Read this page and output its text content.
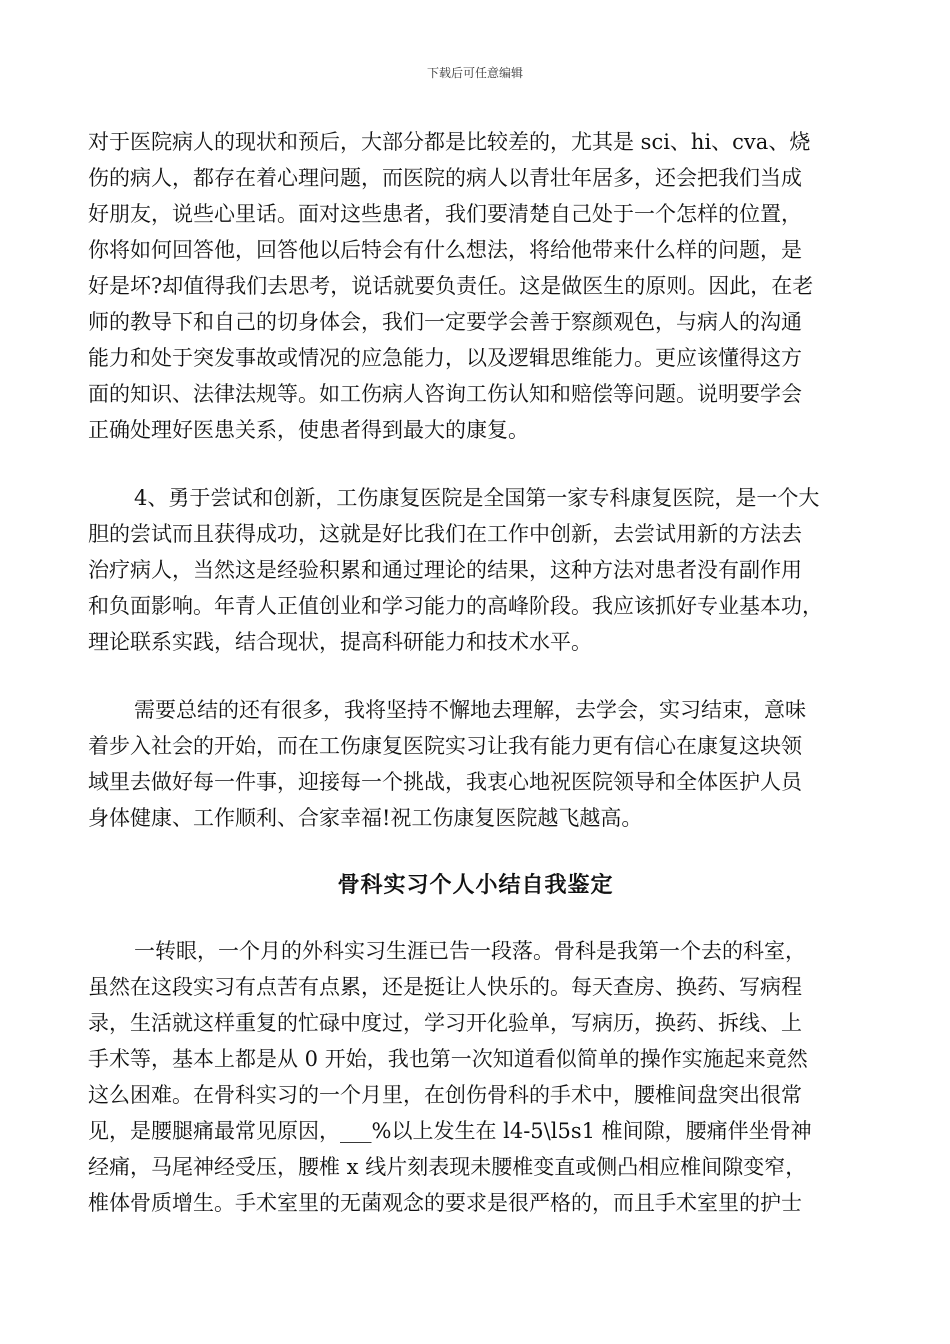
下载后可任意编辑
对于医院病人的现状和预后，大部分都是比较差的，尤其是 sci、hi、cva、烧
伤的病人，都存在着心理问题，而医院的病人以青壮年居多，还会把我们当成
好朋友，说些心里话。面对这些患者，我们要清楚自己处于一个怎样的位置，
你将如何回答他，回答他以后特会有什么想法，将给他带来什么样的问题，是
好是坏?却值得我们去思考，说话就要负责任。这是做医生的原则。因此，在老
师的教导下和自己的切身体会，我们一定要学会善于察颜观色，与病人的沟通
能力和处于突发事故或情况的应急能力，以及逻辑思维能力。更应该懂得这方
面的知识、法律法规等。如工伤病人咨询工伤认知和赔偿等问题。说明要学会
正确处理好医患关系，使患者得到最大的康复。
4、勇于尝试和创新，工伤康复医院是全国第一家专科康复医院，是一个大
胆的尝试而且获得成功，这就是好比我们在工作中创新，去尝试用新的方法去
治疗病人，当然这是经验积累和通过理论的结果，这种方法对患者没有副作用
和负面影响。年青人正值创业和学习能力的高峰阶段。我应该抓好专业基本功，
理论联系实践，结合现状，提高科研能力和技术水平。
需要总结的还有很多，我将坚持不懈地去理解，去学会，实习结束，意味
着步入社会的开始，而在工伤康复医院实习让我有能力更有信心在康复这块领
域里去做好每一件事，迎接每一个挑战，我衷心地祝医院领导和全体医护人员
身体健康、工作顺利、合家幸福!祝工伤康复医院越飞越高。
骨科实习个人小结自我鉴定
一转眼，一个月的外科实习生涯已告一段落。骨科是我第一个去的科室，
虽然在这段实习有点苦有点累，还是挺让人快乐的。每天查房、换药、写病程
录，生活就这样重复的忙碌中度过，学习开化验单，写病历，换药、拆线、上
手术等，基本上都是从 0 开始，我也第一次知道看似简单的操作实施起来竟然
这么困难。在骨科实习的一个月里，在创伤骨科的手术中，腰椎间盘突出很常
见，是腰腿痛最常见原因，___%以上发生在 l4-5\l5s1 椎间隙，腰痛伴坐骨神
经痛，马尾神经受压，腰椎 x 线片刻表现未腰椎变直或侧凸相应椎间隙变窄，
椎体骨质增生。手术室里的无菌观念的要求是很严格的，而且手术室里的护士
